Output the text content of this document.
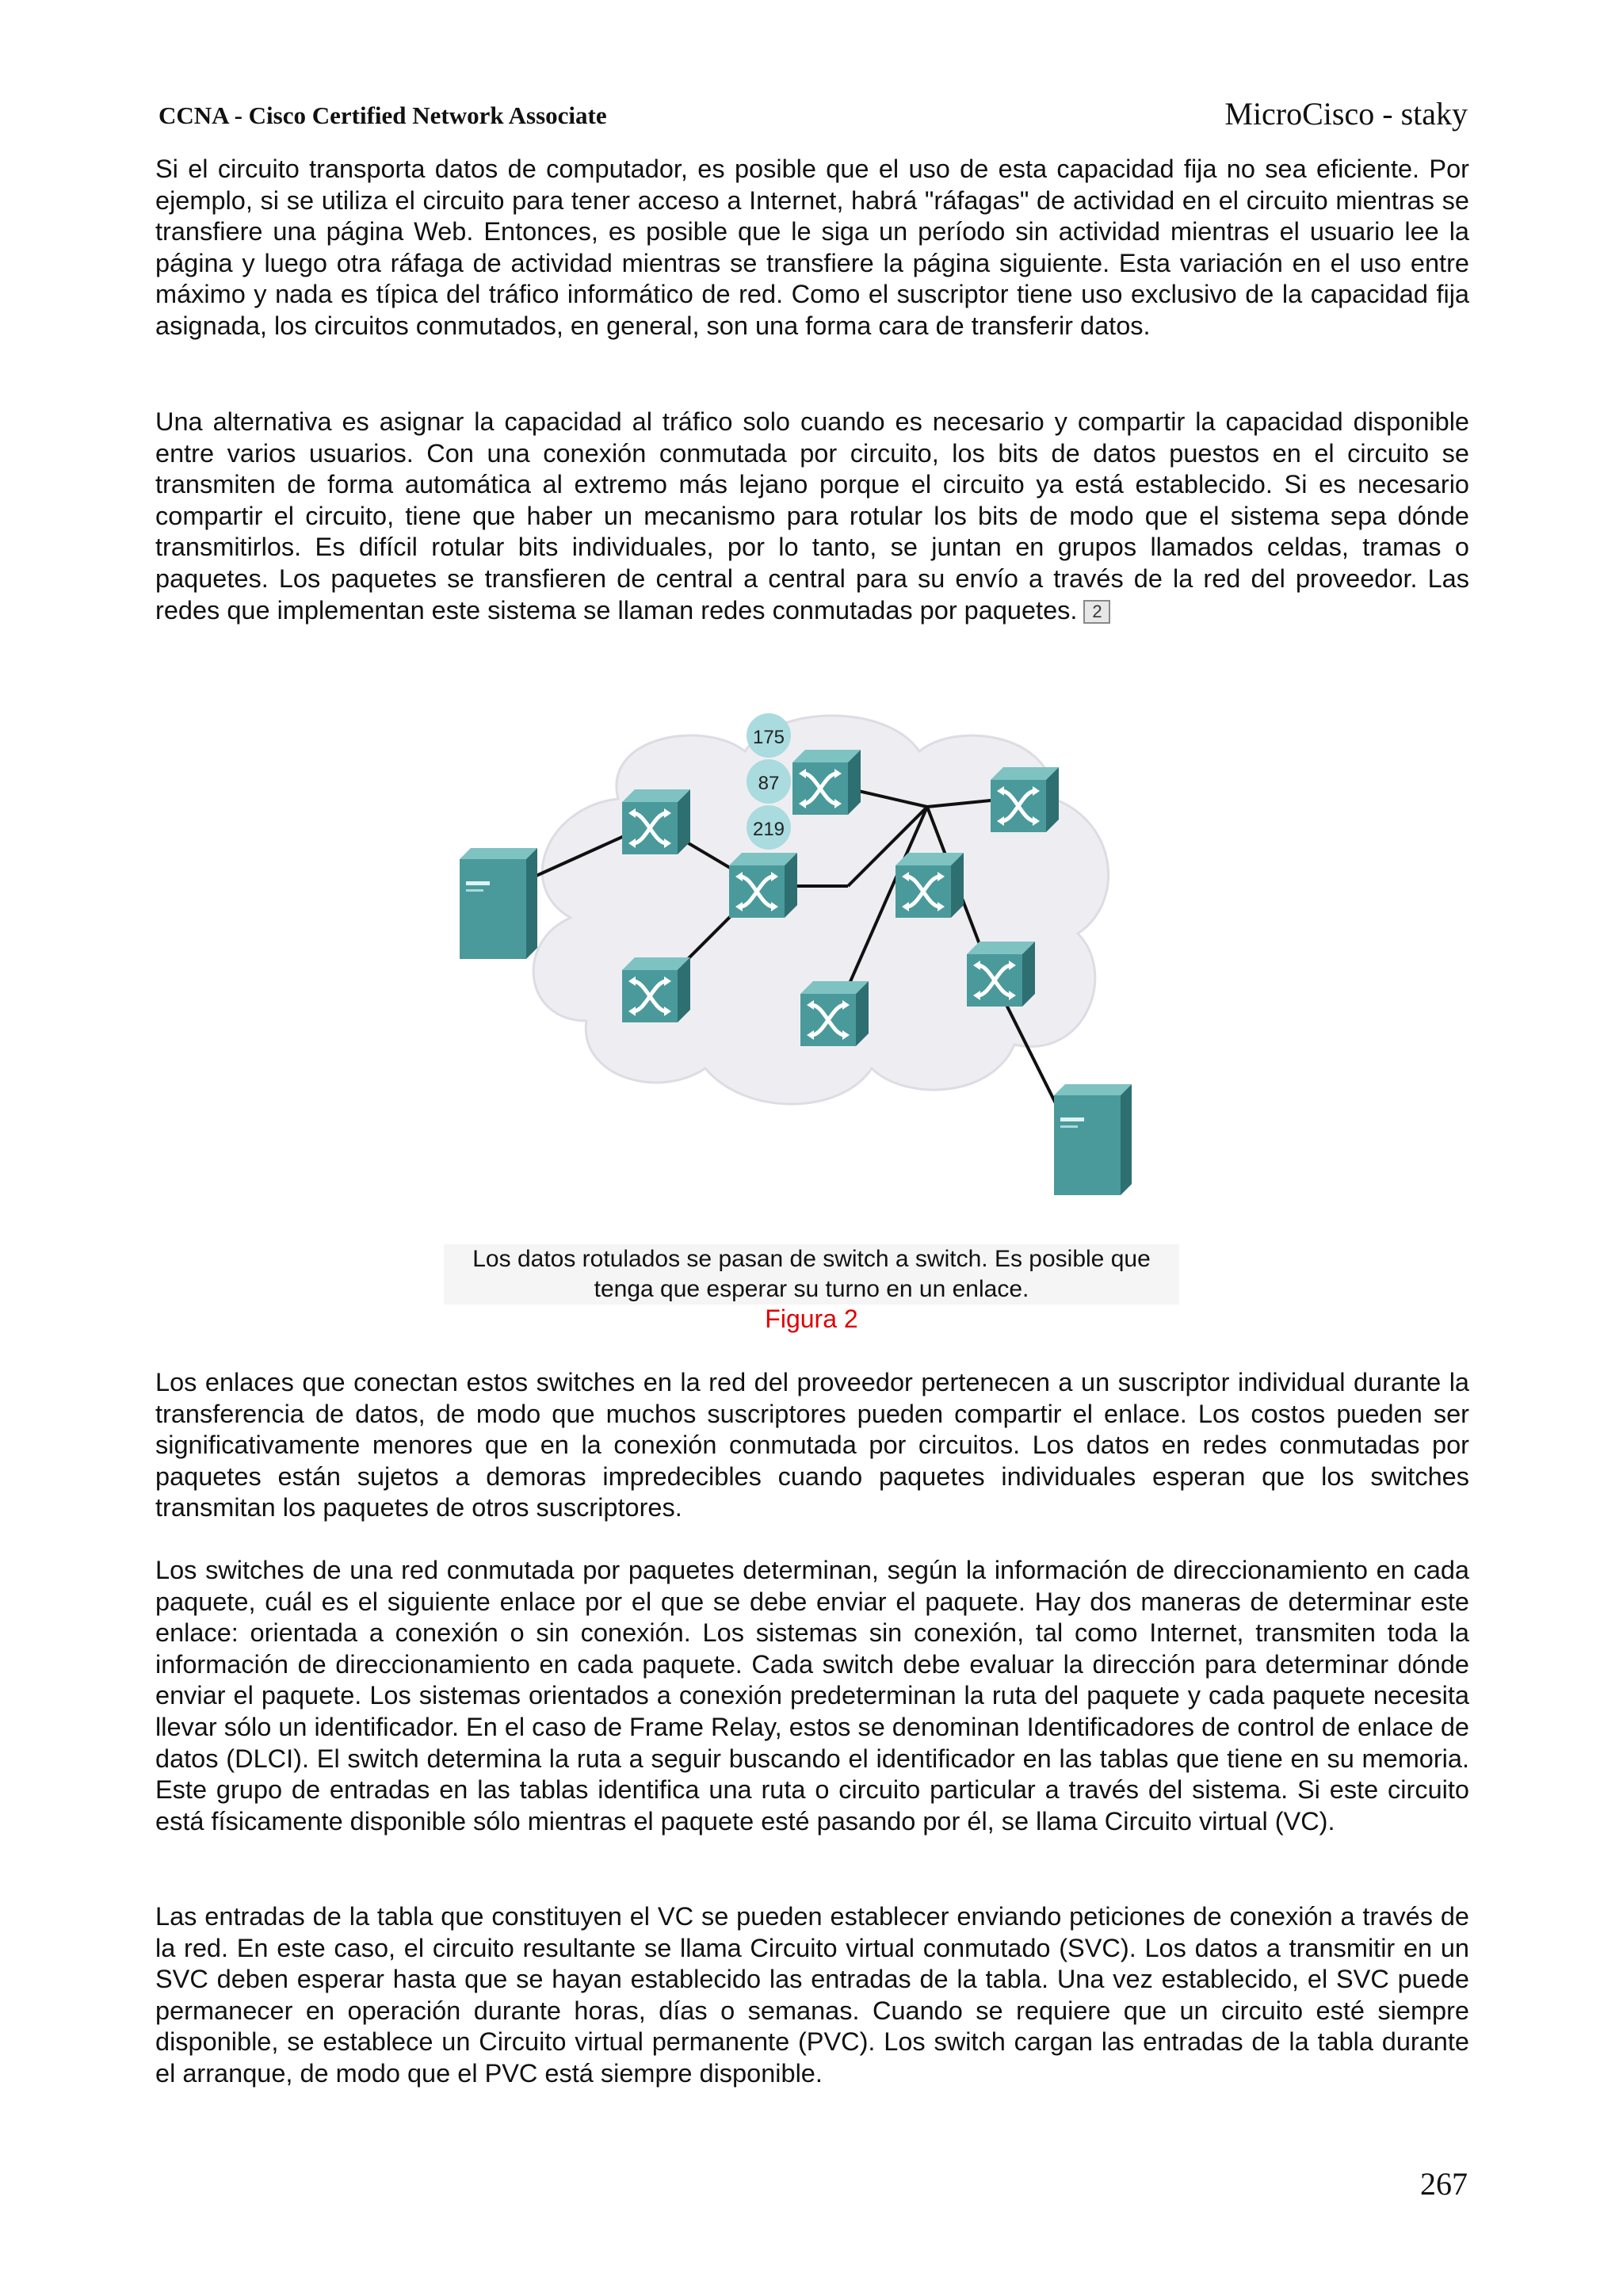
CCNA - Cisco Certified Network Associate	MicroCisco - staky

Si el circuito transporta datos de computador, es posible que el uso de esta capacidad fija no sea eficiente. Por ejemplo, si se utiliza el circuito para tener acceso a Internet, habrá "ráfagas" de actividad en el circuito mientras se transfiere una página Web. Entonces, es posible que le siga un período sin actividad mientras el usuario lee la página y luego otra ráfaga de actividad mientras se transfiere la página siguiente. Esta variación en el uso entre máximo y nada es típica del tráfico informático de red. Como el suscriptor tiene uso exclusivo de la capacidad fija asignada, los circuitos conmutados, en general, son una forma cara de transferir datos.

Una alternativa es asignar la capacidad al tráfico solo cuando es necesario y compartir la capacidad disponible entre varios usuarios. Con una conexión conmutada por circuito, los bits de datos puestos en el circuito se transmiten de forma automática al extremo más lejano porque el circuito ya está establecido. Si es necesario compartir el circuito, tiene que haber un mecanismo para rotular los bits de modo que el sistema sepa dónde transmitirlos. Es difícil rotular bits individuales, por lo tanto, se juntan en grupos llamados celdas, tramas o paquetes. Los paquetes se transfieren de central a central para su envío a través de la red del proveedor. Las redes que implementan este sistema se llaman redes conmutadas por paquetes. 2

175
87
219
Los datos rotulados se pasan de switch a switch. Es posible que
tenga que esperar su turno en un enlace.
Figura 2

Los enlaces que conectan estos switches en la red del proveedor pertenecen a un suscriptor individual durante la transferencia de datos, de modo que muchos suscriptores pueden compartir el enlace. Los costos pueden ser significativamente menores que en la conexión conmutada por circuitos. Los datos en redes conmutadas por paquetes están sujetos a demoras impredecibles cuando paquetes individuales esperan que los switches transmitan los paquetes de otros suscriptores.

Los switches de una red conmutada por paquetes determinan, según la información de direccionamiento en cada paquete, cuál es el siguiente enlace por el que se debe enviar el paquete. Hay dos maneras de determinar este enlace: orientada a conexión o sin conexión. Los sistemas sin conexión, tal como Internet, transmiten toda la información de direccionamiento en cada paquete. Cada switch debe evaluar la dirección para determinar dónde enviar el paquete. Los sistemas orientados a conexión predeterminan la ruta del paquete y cada paquete necesita llevar sólo un identificador. En el caso de Frame Relay, estos se denominan Identificadores de control de enlace de datos (DLCI). El switch determina la ruta a seguir buscando el identificador en las tablas que tiene en su memoria. Este grupo de entradas en las tablas identifica una ruta o circuito particular a través del sistema. Si este circuito está físicamente disponible sólo mientras el paquete esté pasando por él, se llama Circuito virtual (VC).

Las entradas de la tabla que constituyen el VC se pueden establecer enviando peticiones de conexión a través de la red. En este caso, el circuito resultante se llama Circuito virtual conmutado (SVC). Los datos a transmitir en un SVC deben esperar hasta que se hayan establecido las entradas de la tabla. Una vez establecido, el SVC puede permanecer en operación durante horas, días o semanas. Cuando se requiere que un circuito esté siempre disponible, se establece un Circuito virtual permanente (PVC). Los switch cargan las entradas de la tabla durante el arranque, de modo que el PVC está siempre disponible.

267
